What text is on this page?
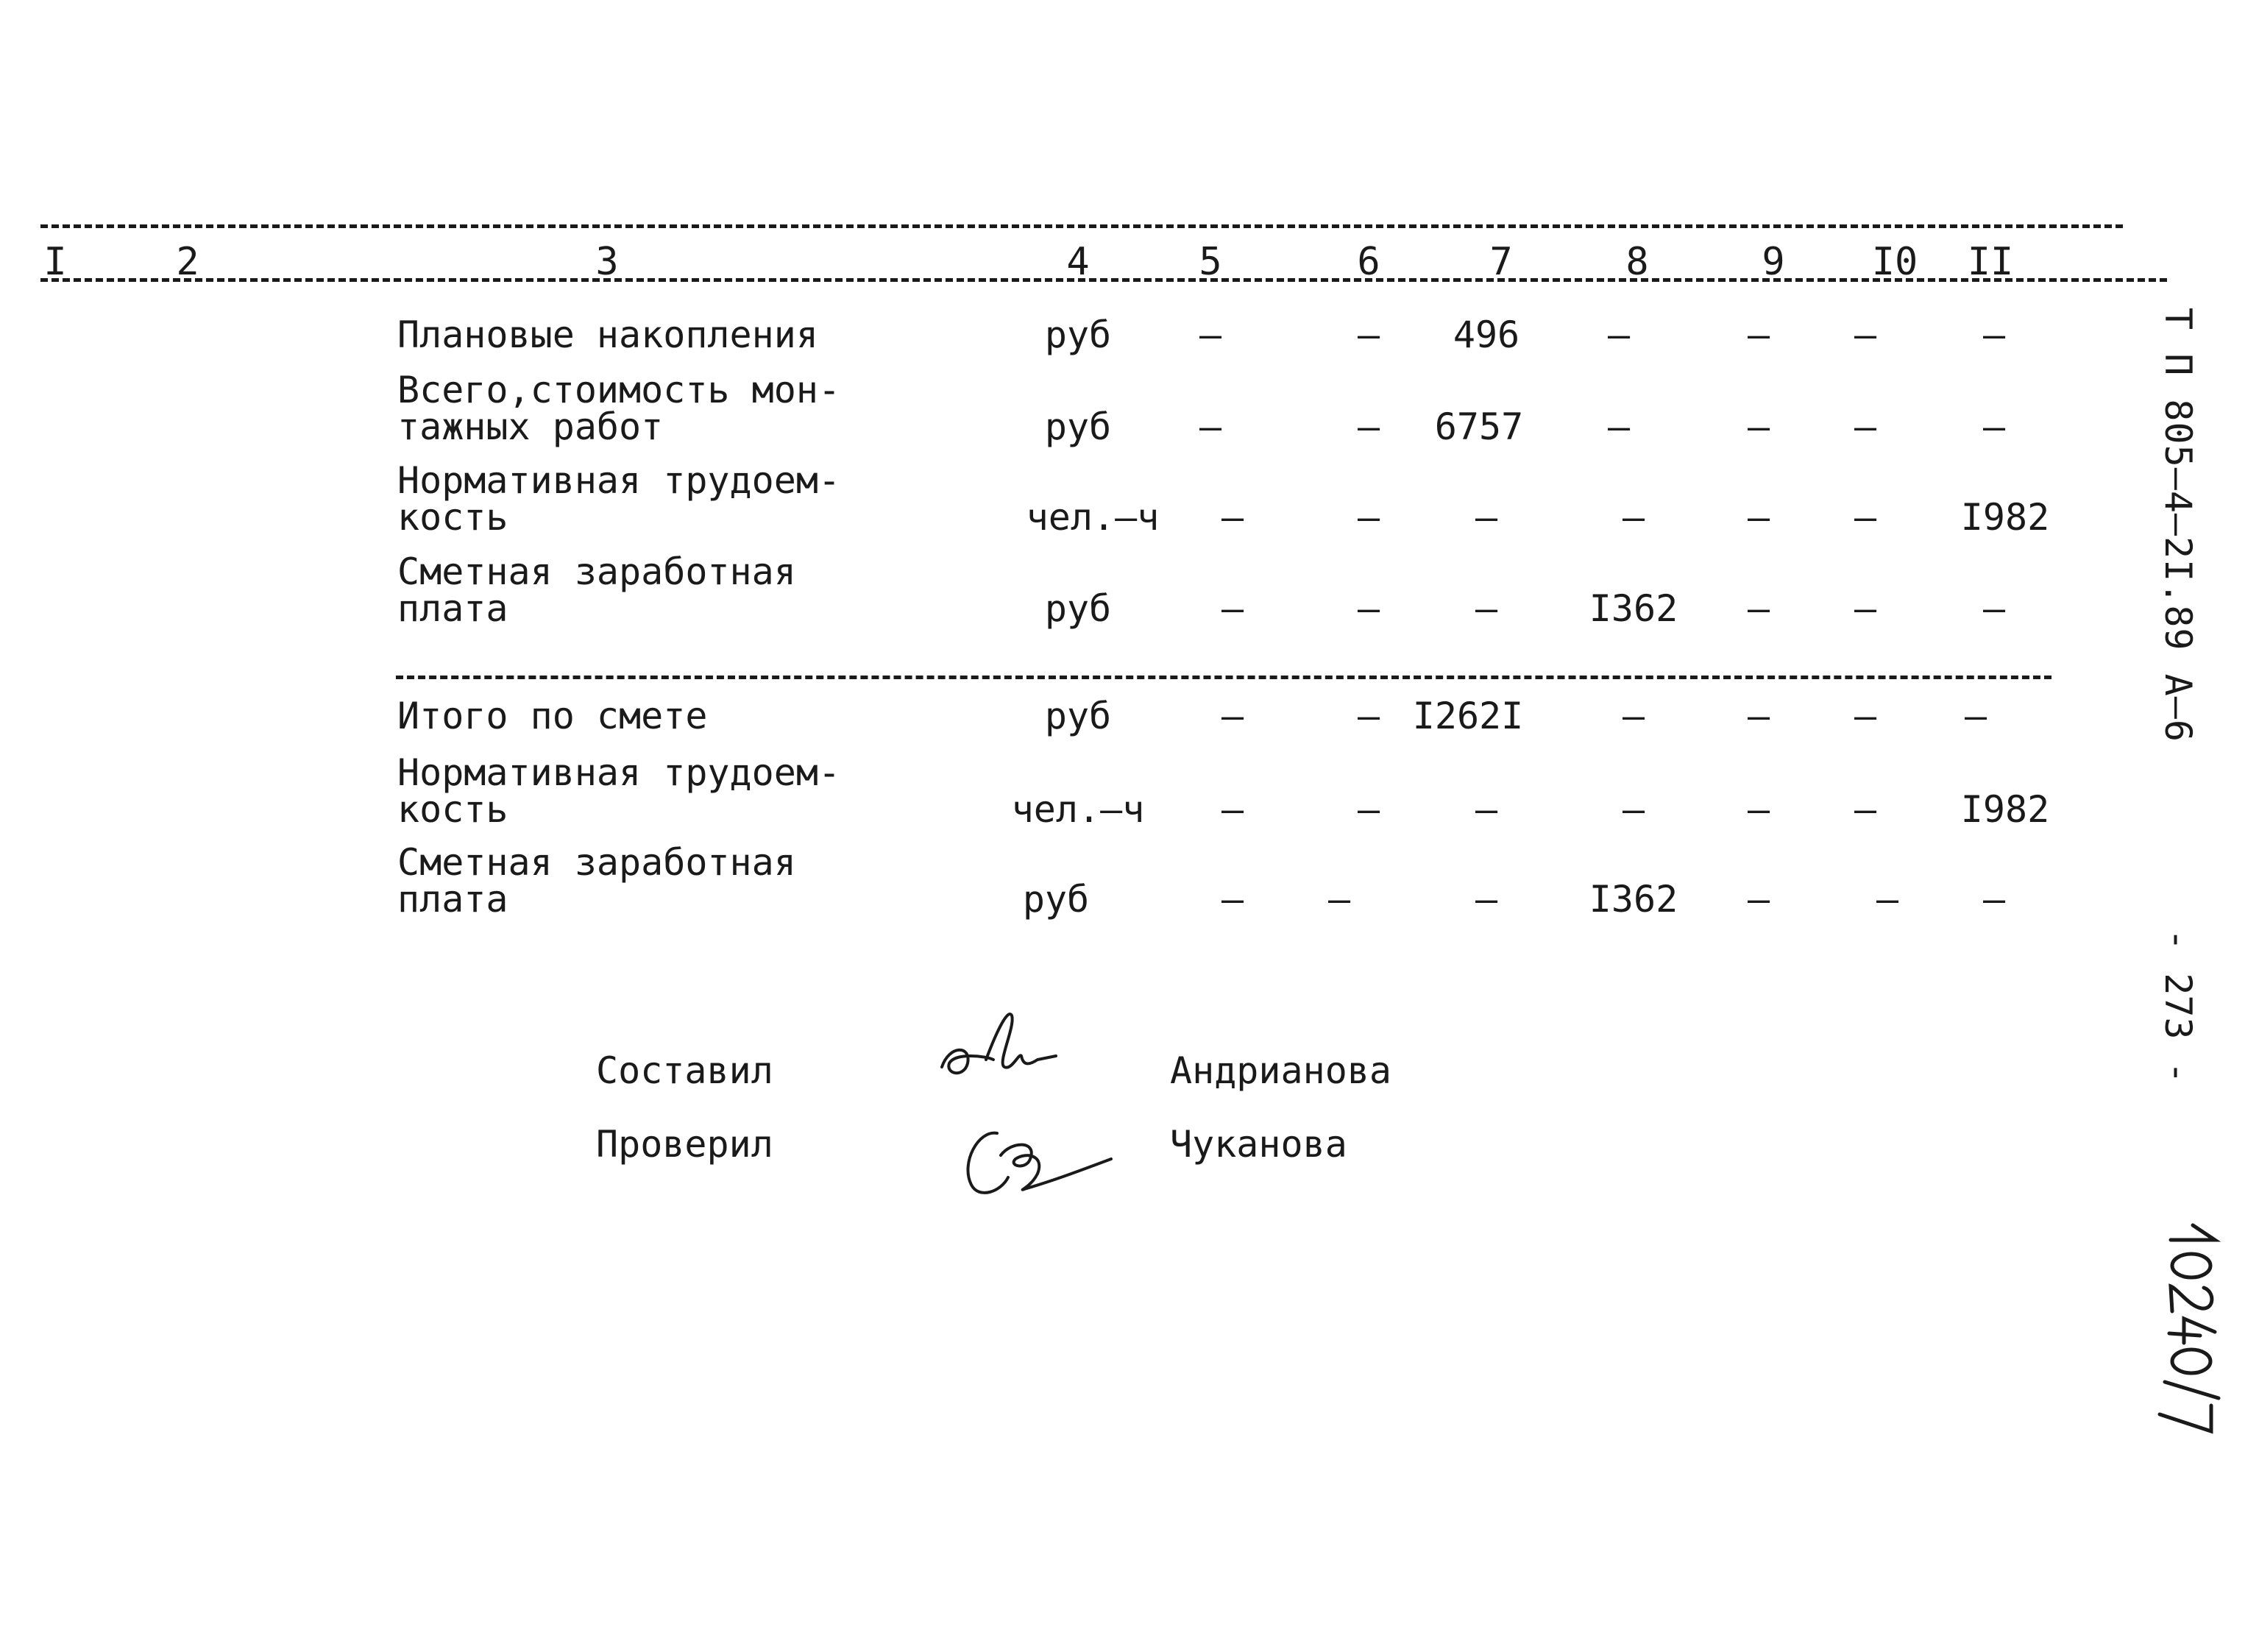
I	2	3	4	5	6	7	8	9 I0 II
Плановые накопления	руб	–	–	496	–	–	–	–
Всего,стоимость мон-
тажных работ	руб	–	–	6757	–	–	–	–
Нормативная трудоем-
кость	чел.–ч	–	–	–	–	–	–	I982
Сметная заработная
плата	руб	–	–	–	I362	–	–	–
Итого по смете	руб	–	– I262I	–	–	–	–
Нормативная трудоем-
кость	чел.–ч	–	–	–	–	–	–	I982
Сметная заработная
плата	руб	–	–	–	I362	–	–	–
Составил	Андрианова
Проверил	Чуканова
Т П 805–4–2I.89 А–6
- 273 -
